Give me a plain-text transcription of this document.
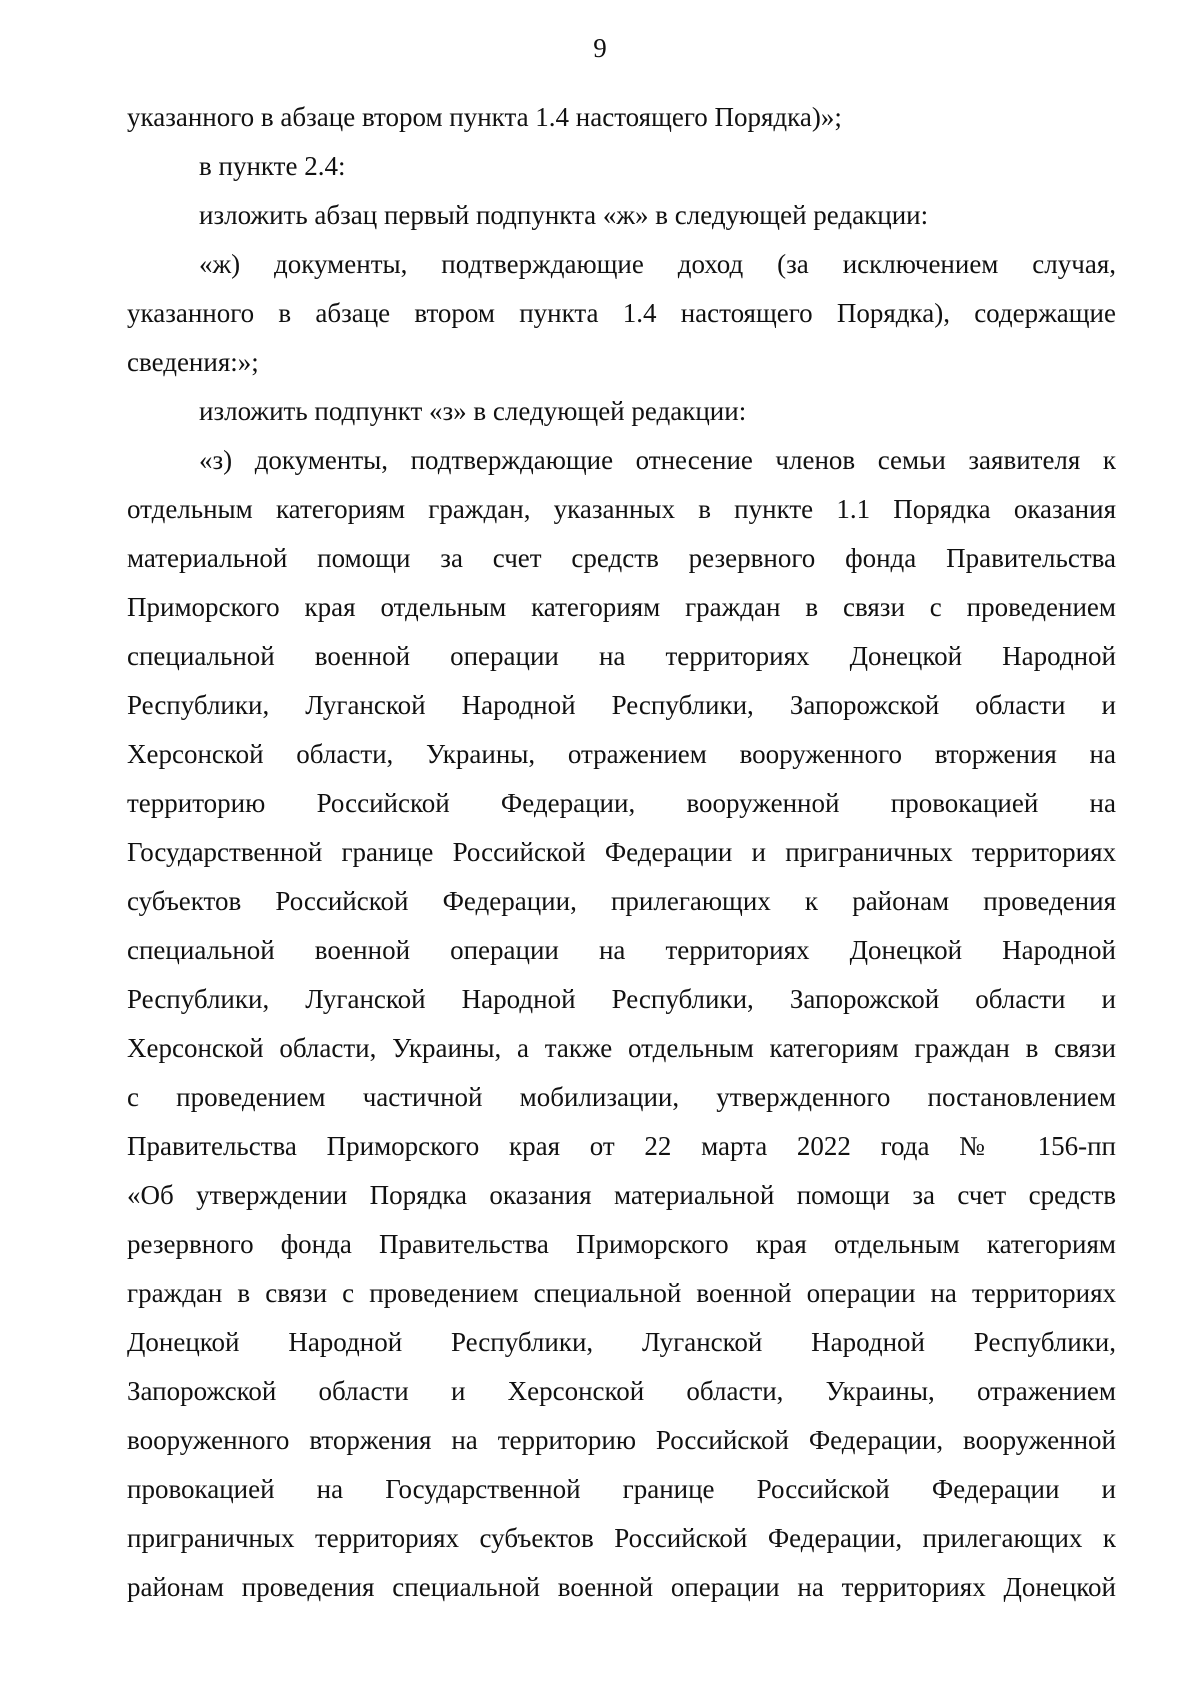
9
указанного в абзаце втором пункта 1.4 настоящего Порядка)»;
в пункте 2.4:
изложить абзац первый подпункта «ж» в следующей редакции:
«ж) документы, подтверждающие доход (за исключением случая,
указанного в абзаце втором пункта 1.4 настоящего Порядка), содержащие
сведения:»;
изложить подпункт «з» в следующей редакции:
«з) документы, подтверждающие отнесение членов семьи заявителя к
отдельным категориям граждан, указанных в пункте 1.1 Порядка оказания
материальной помощи за счет средств резервного фонда Правительства
Приморского края отдельным категориям граждан в связи с проведением
специальной военной операции на территориях Донецкой Народной
Республики, Луганской Народной Республики, Запорожской области и
Херсонской области, Украины, отражением вооруженного вторжения на
территорию Российской Федерации, вооруженной провокацией на
Государственной границе Российской Федерации и приграничных территориях
субъектов Российской Федерации, прилегающих к районам проведения
специальной военной операции на территориях Донецкой Народной
Республики, Луганской Народной Республики, Запорожской области и
Херсонской области, Украины, а также отдельным категориям граждан в связи
с проведением частичной мобилизации, утвержденного постановлением
Правительства Приморского края от 22 марта 2022 года № 156-пп
«Об утверждении Порядка оказания материальной помощи за счет средств
резервного фонда Правительства Приморского края отдельным категориям
граждан в связи с проведением специальной военной операции на территориях
Донецкой Народной Республики, Луганской Народной Республики,
Запорожской области и Херсонской области, Украины, отражением
вооруженного вторжения на территорию Российской Федерации, вооруженной
провокацией на Государственной границе Российской Федерации и
приграничных территориях субъектов Российской Федерации, прилегающих к
районам проведения специальной военной операции на территориях Донецкой
